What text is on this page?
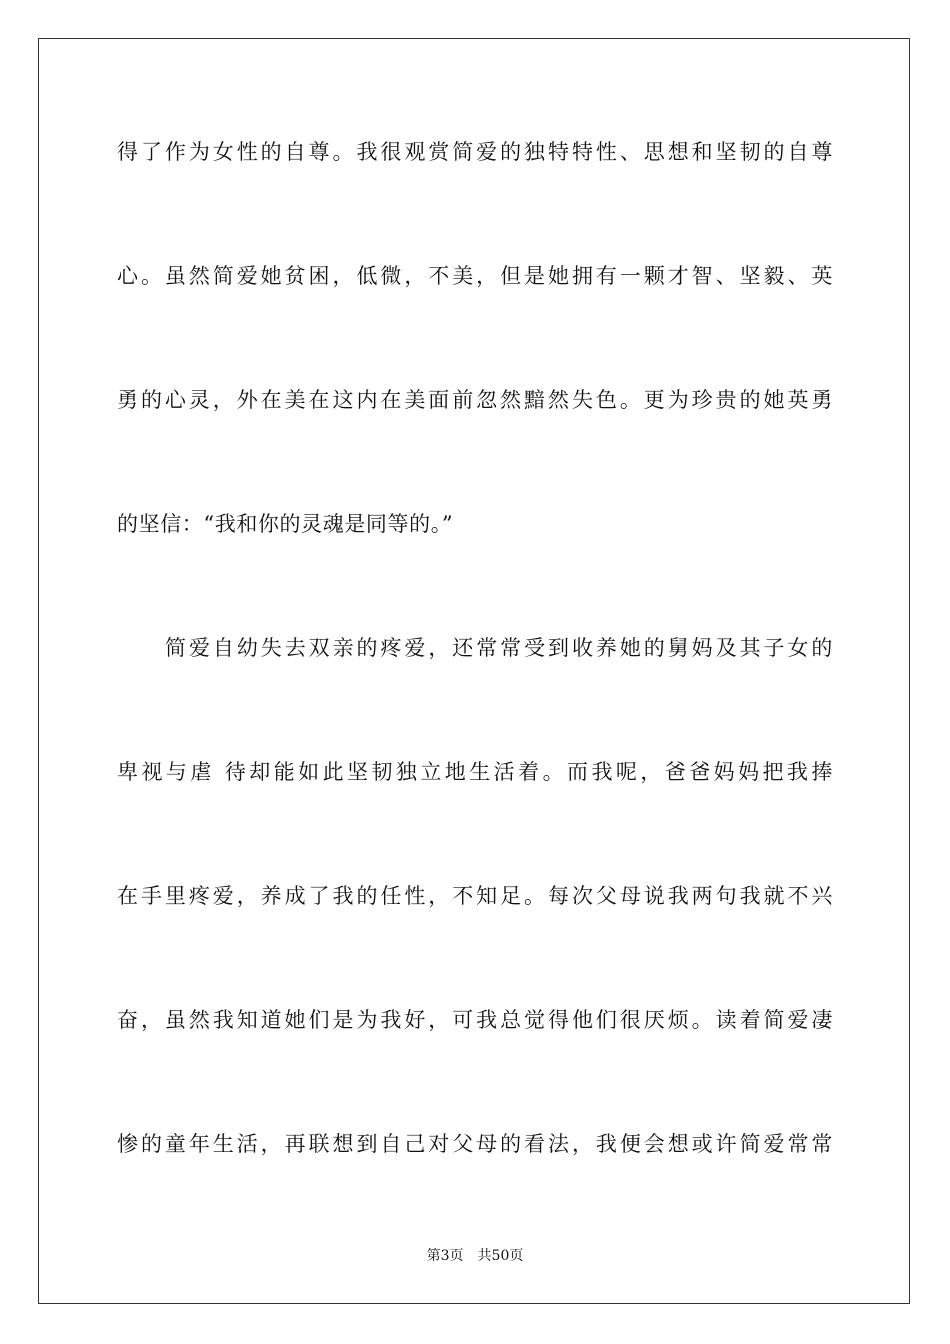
得了作为女性的自尊。我很观赏简爱的独特特性、思想和坚韧的自尊
心。虽然简爱她贫困，低微，不美，但是她拥有一颗才智、坚毅、英
勇的心灵，外在美在这内在美面前忽然黯然失色。更为珍贵的她英勇
的坚信：“我和你的灵魂是同等的。”
简爱自幼失去双亲的疼爱，还常常受到收养她的舅妈及其子女的
卑视与虐 待却能如此坚韧独立地生活着。而我呢，爸爸妈妈把我捧
在手里疼爱，养成了我的任性，不知足。每次父母说我两句我就不兴
奋，虽然我知道她们是为我好，可我总觉得他们很厌烦。读着简爱凄
惨的童年生活，再联想到自己对父母的看法，我便会想或许简爱常常
第3页 共50页
